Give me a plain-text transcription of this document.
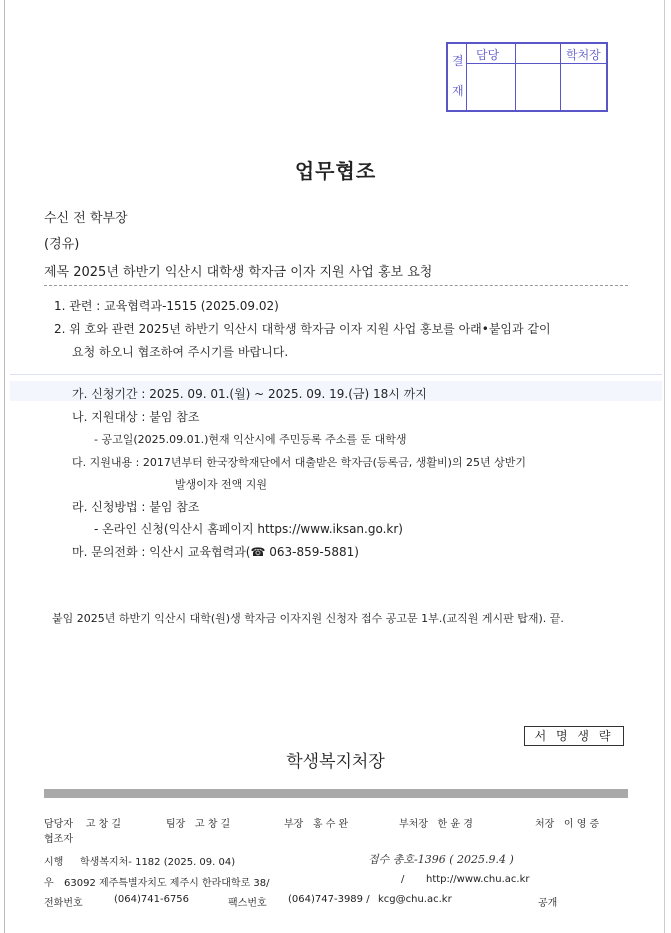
결
재
담당	학처장
업무협조
수신 전 학부장
(경유)
제목 2025년 하반기 익산시 대학생 학자금 이자 지원 사업 홍보 요청
1. 관련 : 교육협력과-1515 (2025.09.02)
2. 위 호와 관련 2025년 하반기 익산시 대학생 학자금 이자 지원 사업 홍보를 아래•붙임과 같이
요청 하오니 협조하여 주시기를 바랍니다.
가. 신청기간 : 2025. 09. 01.(월) ~ 2025. 09. 19.(금) 18시 까지
나. 지원대상 : 붙임 참조
- 공고일(2025.09.01.)현재 익산시에 주민등록 주소를 둔 대학생
다. 지원내용 : 2017년부터 한국장학재단에서 대출받은 학자금(등록금, 생활비)의 25년 상반기
발생이자 전액 지원
라. 신청방법 : 붙임 참조
- 온라인 신청(익산시 홈페이지 https://www.iksan.go.kr)
마. 문의전화 : 익산시 교육협력과(☎ 063-859-5881)
붙임 2025년 하반기 익산시 대학(원)생 학자금 이자지원 신청자 접수 공고문 1부.(교직원 게시판 탑재). 끝.
서 명 생 략
학생복지처장
담당자 고 창 길	팀장 고 창 길	부장 홍 수 완	부처장 한 윤 경	처장 이 영 증
협조자
시행 학생복지처- 1182 (2025. 09. 04)	접수 총호-1396 ( 2025.9.4 )
우 63092 제주특별자치도 제주시 한라대학로 38/	/ http://www.chu.ac.kr
전화번호	(064)741-6756	팩스번호 (064)747-3989 / kcg@chu.ac.kr	공개
